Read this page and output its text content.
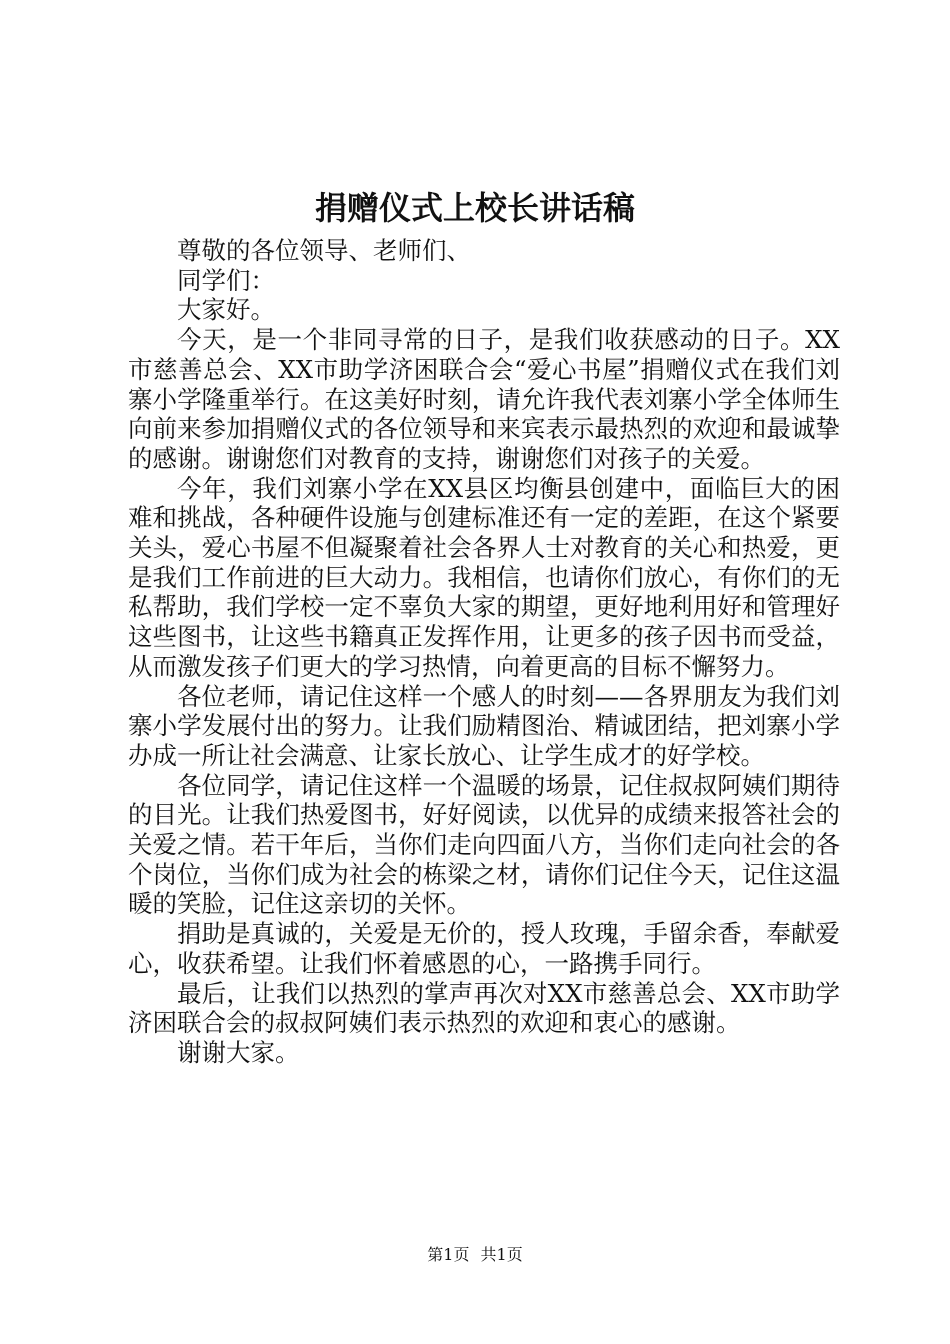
捐赠仪式上校长讲话稿

尊敬的各位领导、老师们、

同学们：

大家好。

今天，是一个非同寻常的日子，是我们收获感动的日子。XX市慈善总会、XX市助学济困联合会“爱心书屋”捐赠仪式在我们刘寨小学隆重举行。在这美好时刻，请允许我代表刘寨小学全体师生向前来参加捐赠仪式的各位领导和来宾表示最热烈的欢迎和最诚挚的感谢。谢谢您们对教育的支持，谢谢您们对孩子的关爱。

今年，我们刘寨小学在XX县区均衡县创建中，面临巨大的困难和挑战，各种硬件设施与创建标准还有一定的差距，在这个紧要关头，爱心书屋不但凝聚着社会各界人士对教育的关心和热爱，更是我们工作前进的巨大动力。我相信，也请你们放心，有你们的无私帮助，我们学校一定不辜负大家的期望，更好地利用好和管理好这些图书，让这些书籍真正发挥作用，让更多的孩子因书而受益，从而激发孩子们更大的学习热情，向着更高的目标不懈努力。

各位老师，请记住这样一个感人的时刻——各界朋友为我们刘寨小学发展付出的努力。让我们励精图治、精诚团结，把刘寨小学办成一所让社会满意、让家长放心、让学生成才的好学校。

各位同学，请记住这样一个温暖的场景，记住叔叔阿姨们期待的目光。让我们热爱图书，好好阅读，以优异的成绩来报答社会的关爱之情。若干年后，当你们走向四面八方，当你们走向社会的各个岗位，当你们成为社会的栋梁之材，请你们记住今天，记住这温暖的笑脸，记住这亲切的关怀。

捐助是真诚的，关爱是无价的，授人玫瑰，手留余香，奉献爱心，收获希望。让我们怀着感恩的心，一路携手同行。

最后，让我们以热烈的掌声再次对XX市慈善总会、XX市助学济困联合会的叔叔阿姨们表示热烈的欢迎和衷心的感谢。

谢谢大家。

第1页 共1页
